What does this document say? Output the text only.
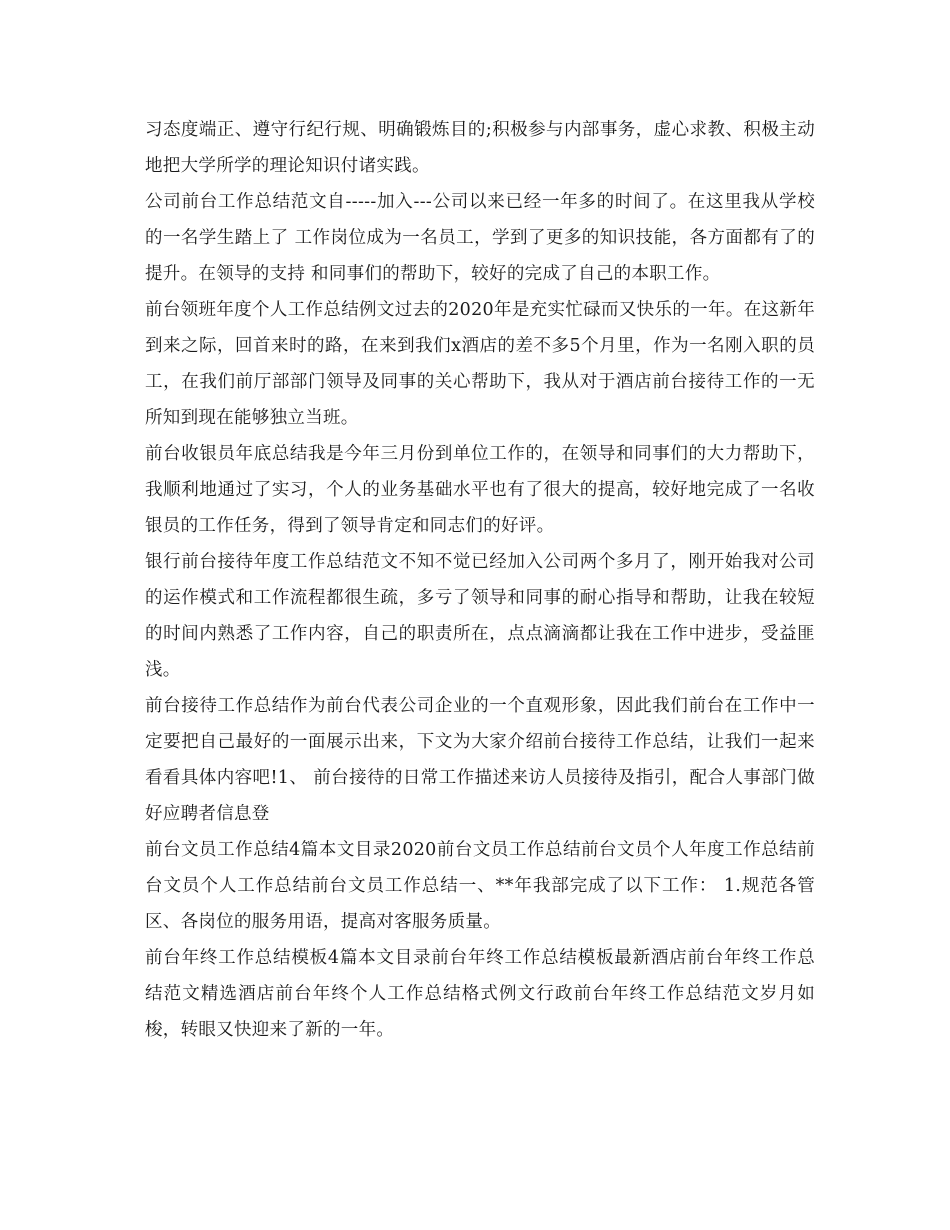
习态度端正、遵守行纪行规、明确锻炼目的;积极参与内部事务，虚心求教、积极主动地把大学所学的理论知识付诸实践。

公司前台工作总结范文自-----加入---公司以来已经一年多的时间了。在这里我从学校的一名学生踏上了 工作岗位成为一名员工，学到了更多的知识技能，各方面都有了的提升。在领导的支持 和同事们的帮助下，较好的完成了自己的本职工作。

前台领班年度个人工作总结例文过去的2020年是充实忙碌而又快乐的一年。在这新年到来之际，回首来时的路，在来到我们x酒店的差不多5个月里，作为一名刚入职的员工，在我们前厅部部门领导及同事的关心帮助下，我从对于酒店前台接待工作的一无所知到现在能够独立当班。

前台收银员年底总结我是今年三月份到单位工作的，在领导和同事们的大力帮助下，我顺利地通过了实习，个人的业务基础水平也有了很大的提高，较好地完成了一名收银员的工作任务，得到了领导肯定和同志们的好评。

银行前台接待年度工作总结范文不知不觉已经加入公司两个多月了，刚开始我对公司的运作模式和工作流程都很生疏，多亏了领导和同事的耐心指导和帮助，让我在较短的时间内熟悉了工作内容，自己的职责所在，点点滴滴都让我在工作中进步，受益匪浅。

前台接待工作总结作为前台代表公司企业的一个直观形象，因此我们前台在工作中一定要把自己最好的一面展示出来，下文为大家介绍前台接待工作总结，让我们一起来看看具体内容吧!1、 前台接待的日常工作描述来访人员接待及指引，配合人事部门做好应聘者信息登

前台文员工作总结4篇本文目录2020前台文员工作总结前台文员个人年度工作总结前台文员个人工作总结前台文员工作总结一、**年我部完成了以下工作： 1.规范各管区、各岗位的服务用语，提高对客服务质量。

前台年终工作总结模板4篇本文目录前台年终工作总结模板最新酒店前台年终工作总结范文精选酒店前台年终个人工作总结格式例文行政前台年终工作总结范文岁月如梭，转眼又快迎来了新的一年。
